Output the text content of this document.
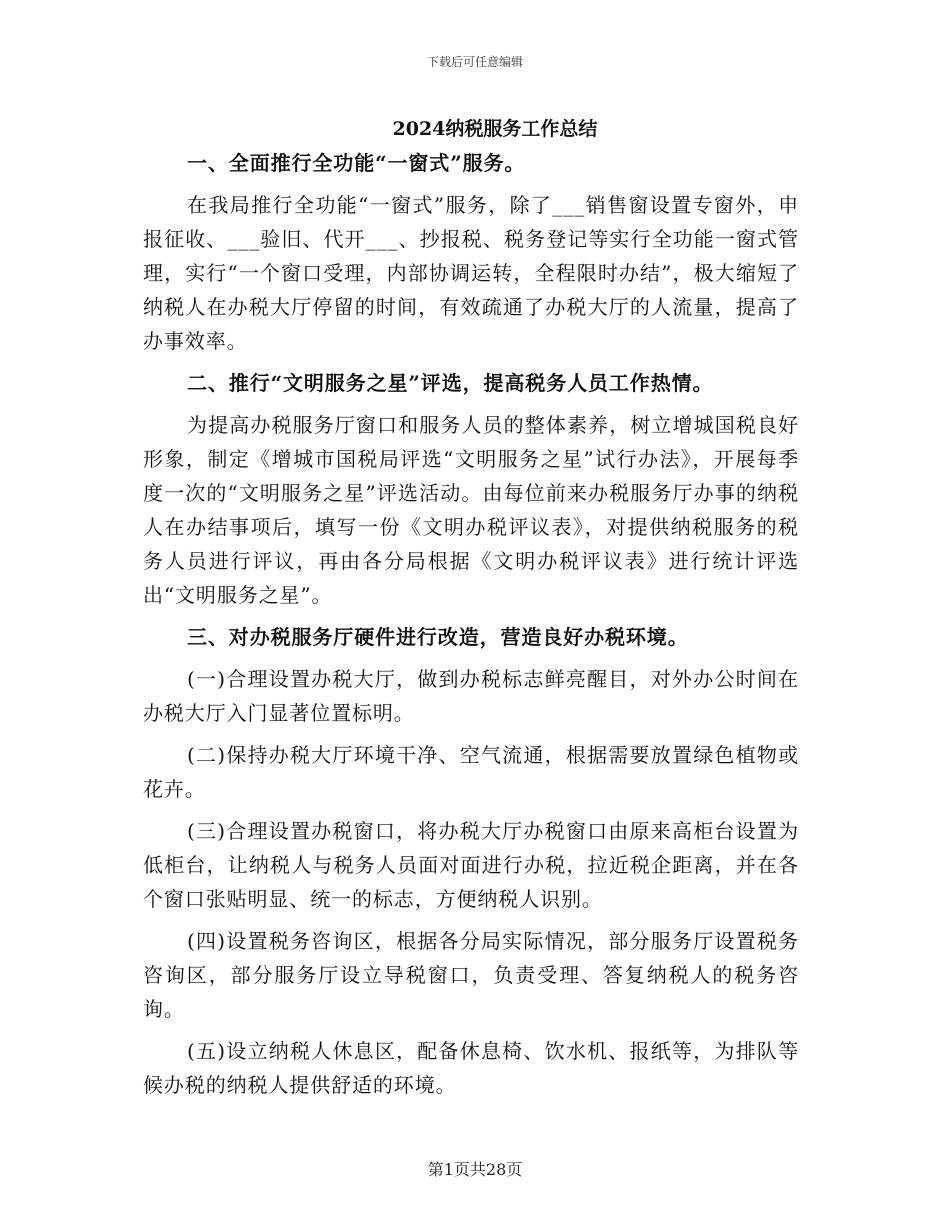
下载后可任意编辑
2024纳税服务工作总结

一、全面推行全功能“一窗式”服务。

在我局推行全功能“一窗式”服务，除了___销售窗设置专窗外，申报征收、___验旧、代开___、抄报税、税务登记等实行全功能一窗式管理，实行“一个窗口受理，内部协调运转，全程限时办结”，极大缩短了纳税人在办税大厅停留的时间，有效疏通了办税大厅的人流量，提高了办事效率。

二、推行“文明服务之星”评选，提高税务人员工作热情。

为提高办税服务厅窗口和服务人员的整体素养，树立增城国税良好形象，制定《增城市国税局评选“文明服务之星”试行办法》，开展每季度一次的“文明服务之星”评选活动。由每位前来办税服务厅办事的纳税人在办结事项后，填写一份《文明办税评议表》，对提供纳税服务的税务人员进行评议，再由各分局根据《文明办税评议表》进行统计评选出“文明服务之星”。

三、对办税服务厅硬件进行改造，营造良好办税环境。

(一)合理设置办税大厅，做到办税标志鲜亮醒目，对外办公时间在办税大厅入门显著位置标明。

(二)保持办税大厅环境干净、空气流通，根据需要放置绿色植物或花卉。

(三)合理设置办税窗口，将办税大厅办税窗口由原来高柜台设置为低柜台，让纳税人与税务人员面对面进行办税，拉近税企距离，并在各个窗口张贴明显、统一的标志，方便纳税人识别。

(四)设置税务咨询区，根据各分局实际情况，部分服务厅设置税务咨询区，部分服务厅设立导税窗口，负责受理、答复纳税人的税务咨询。

(五)设立纳税人休息区，配备休息椅、饮水机、报纸等，为排队等候办税的纳税人提供舒适的环境。

第1页共28页
